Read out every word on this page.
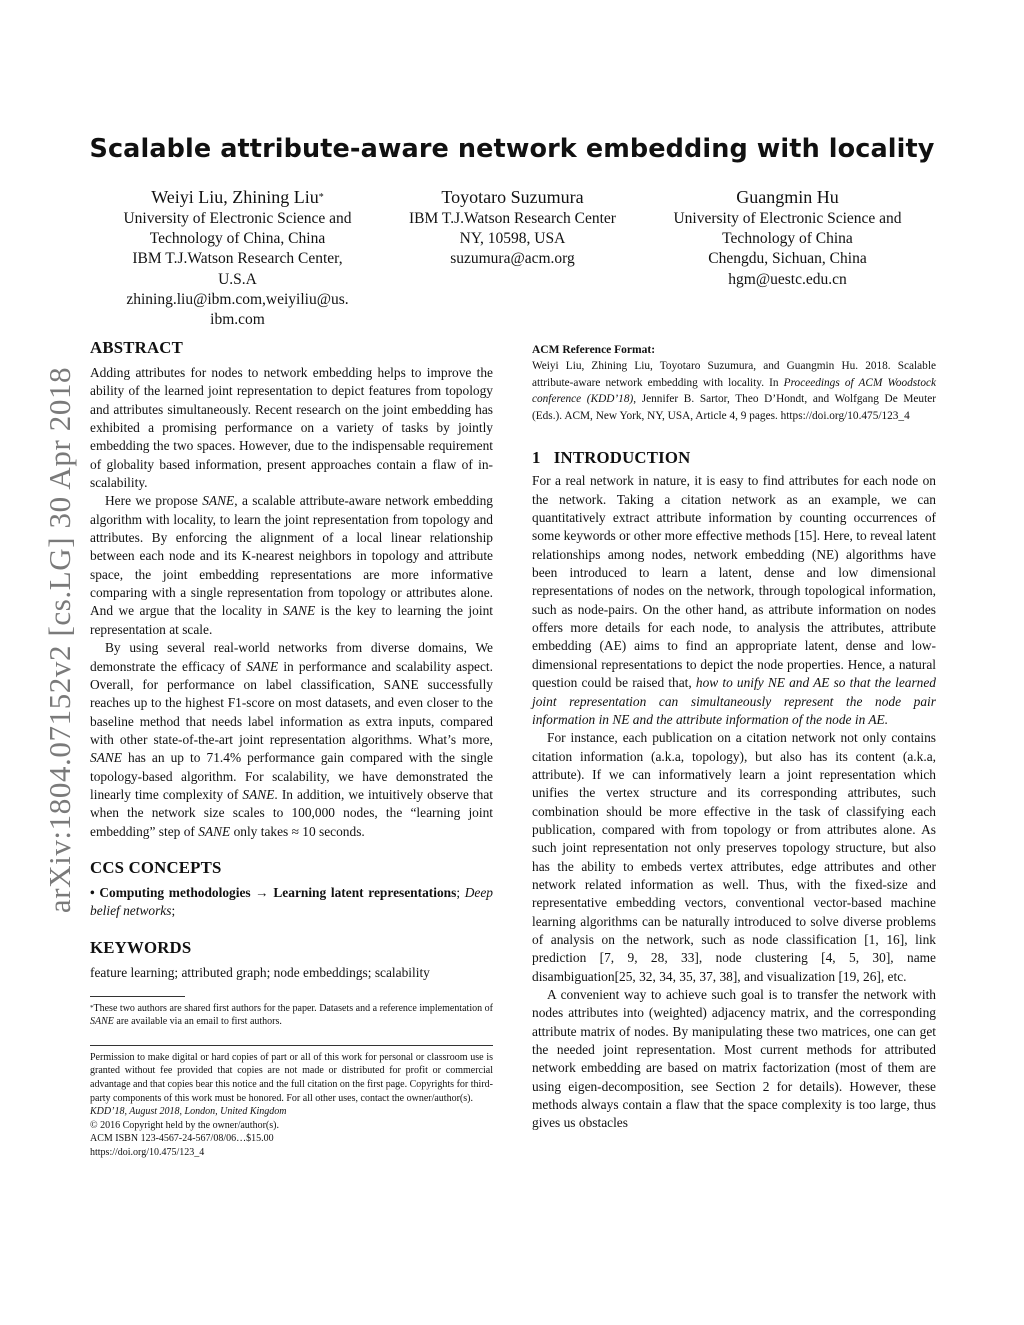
Scalable attribute-aware network embedding with locality
Weiyi Liu, Zhining Liu*
University of Electronic Science and
Technology of China, China
IBM T.J.Watson Research Center,
U.S.A
zhining.liu@ibm.com,weiyiliu@us.
ibm.com
Toyotaro Suzumura
IBM T.J.Watson Research Center
NY, 10598, USA
suzumura@acm.org
Guangmin Hu
University of Electronic Science and
Technology of China
Chengdu, Sichuan, China
hgm@uestc.edu.cn
arXiv:1804.07152v2 [cs.LG] 30 Apr 2018
ABSTRACT

Adding attributes for nodes to network embedding helps to improve the ability of the learned joint representation to depict features from topology and attributes simultaneously. Recent research on the joint embedding has exhibited a promising performance on a variety of tasks by jointly embedding the two spaces. However, due to the indispensable requirement of globality based information, present approaches contain a flaw of in-scalability.

Here we propose SANE, a scalable attribute-aware network embedding algorithm with locality, to learn the joint representation from topology and attributes. By enforcing the alignment of a local linear relationship between each node and its K-nearest neighbors in topology and attribute space, the joint embedding representations are more informative comparing with a single representation from topology or attributes alone. And we argue that the locality in SANE is the key to learning the joint representation at scale.

By using several real-world networks from diverse domains, We demonstrate the efficacy of SANE in performance and scalability aspect. Overall, for performance on label classification, SANE successfully reaches up to the highest F1-score on most datasets, and even closer to the baseline method that needs label information as extra inputs, compared with other state-of-the-art joint representation algorithms. What’s more, SANE has an up to 71.4% performance gain compared with the single topology-based algorithm. For scalability, we have demonstrated the linearly time complexity of SANE. In addition, we intuitively observe that when the network size scales to 100,000 nodes, the “learning joint embedding” step of SANE only takes ≈ 10 seconds.

CCS CONCEPTS
• Computing methodologies → Learning latent representations; Deep belief networks;
KEYWORDS

feature learning; attributed graph; node embeddings; scalability

*These two authors are shared first authors for the paper. Datasets and a reference implementation of SANE are available via an email to first authors.
Permission to make digital or hard copies of part or all of this work for personal or classroom use is granted without fee provided that copies are not made or distributed for profit or commercial advantage and that copies bear this notice and the full citation on the first page. Copyrights for third-party components of this work must be honored. For all other uses, contact the owner/author(s).
KDD’18, August 2018, London, United Kingdom
© 2016 Copyright held by the owner/author(s).
ACM ISBN 123-4567-24-567/08/06…$15.00
https://doi.org/10.475/123_4
ACM Reference Format:
Weiyi Liu, Zhining Liu, Toyotaro Suzumura, and Guangmin Hu. 2018. Scalable attribute-aware network embedding with locality. In Proceedings of ACM Woodstock conference (KDD’18), Jennifer B. Sartor, Theo D’Hondt, and Wolfgang De Meuter (Eds.). ACM, New York, NY, USA, Article 4, 9 pages. https://doi.org/10.475/123_4
1   INTRODUCTION

For a real network in nature, it is easy to find attributes for each node on the network. Taking a citation network as an example, we can quantitatively extract attribute information by counting occurrences of some keywords or other more effective methods [15]. Here, to reveal latent relationships among nodes, network embedding (NE) algorithms have been introduced to learn a latent, dense and low dimensional representations of nodes on the network, through topological information, such as node-pairs. On the other hand, as attribute information on nodes offers more details for each node, to analysis the attributes, attribute embedding (AE) aims to find an appropriate latent, dense and low-dimensional representations to depict the node properties. Hence, a natural question could be raised that, how to unify NE and AE so that the learned joint representation can simultaneously represent the node pair information in NE and the attribute information of the node in AE.

For instance, each publication on a citation network not only contains citation information (a.k.a, topology), but also has its content (a.k.a, attribute). If we can informatively learn a joint representation which unifies the vertex structure and its corresponding attributes, such combination should be more effective in the task of classifying each publication, compared with from topology or from attributes alone. As such joint representation not only preserves topology structure, but also has the ability to embeds vertex attributes, edge attributes and other network related information as well. Thus, with the fixed-size and representative embedding vectors, conventional vector-based machine learning algorithms can be naturally introduced to solve diverse problems of analysis on the network, such as node classification [1, 16], link prediction [7, 9, 28, 33], node clustering [4, 5, 30], name disambiguation[25, 32, 34, 35, 37, 38], and visualization [19, 26], etc.

A convenient way to achieve such goal is to transfer the network with nodes attributes into (weighted) adjacency matrix, and the corresponding attribute matrix of nodes. By manipulating these two matrices, one can get the needed joint representation. Most current methods for attributed network embedding are based on matrix factorization (most of them are using eigen-decomposition, see Section 2 for details). However, these methods always contain a flaw that the space complexity is too large, thus gives us obstacles
